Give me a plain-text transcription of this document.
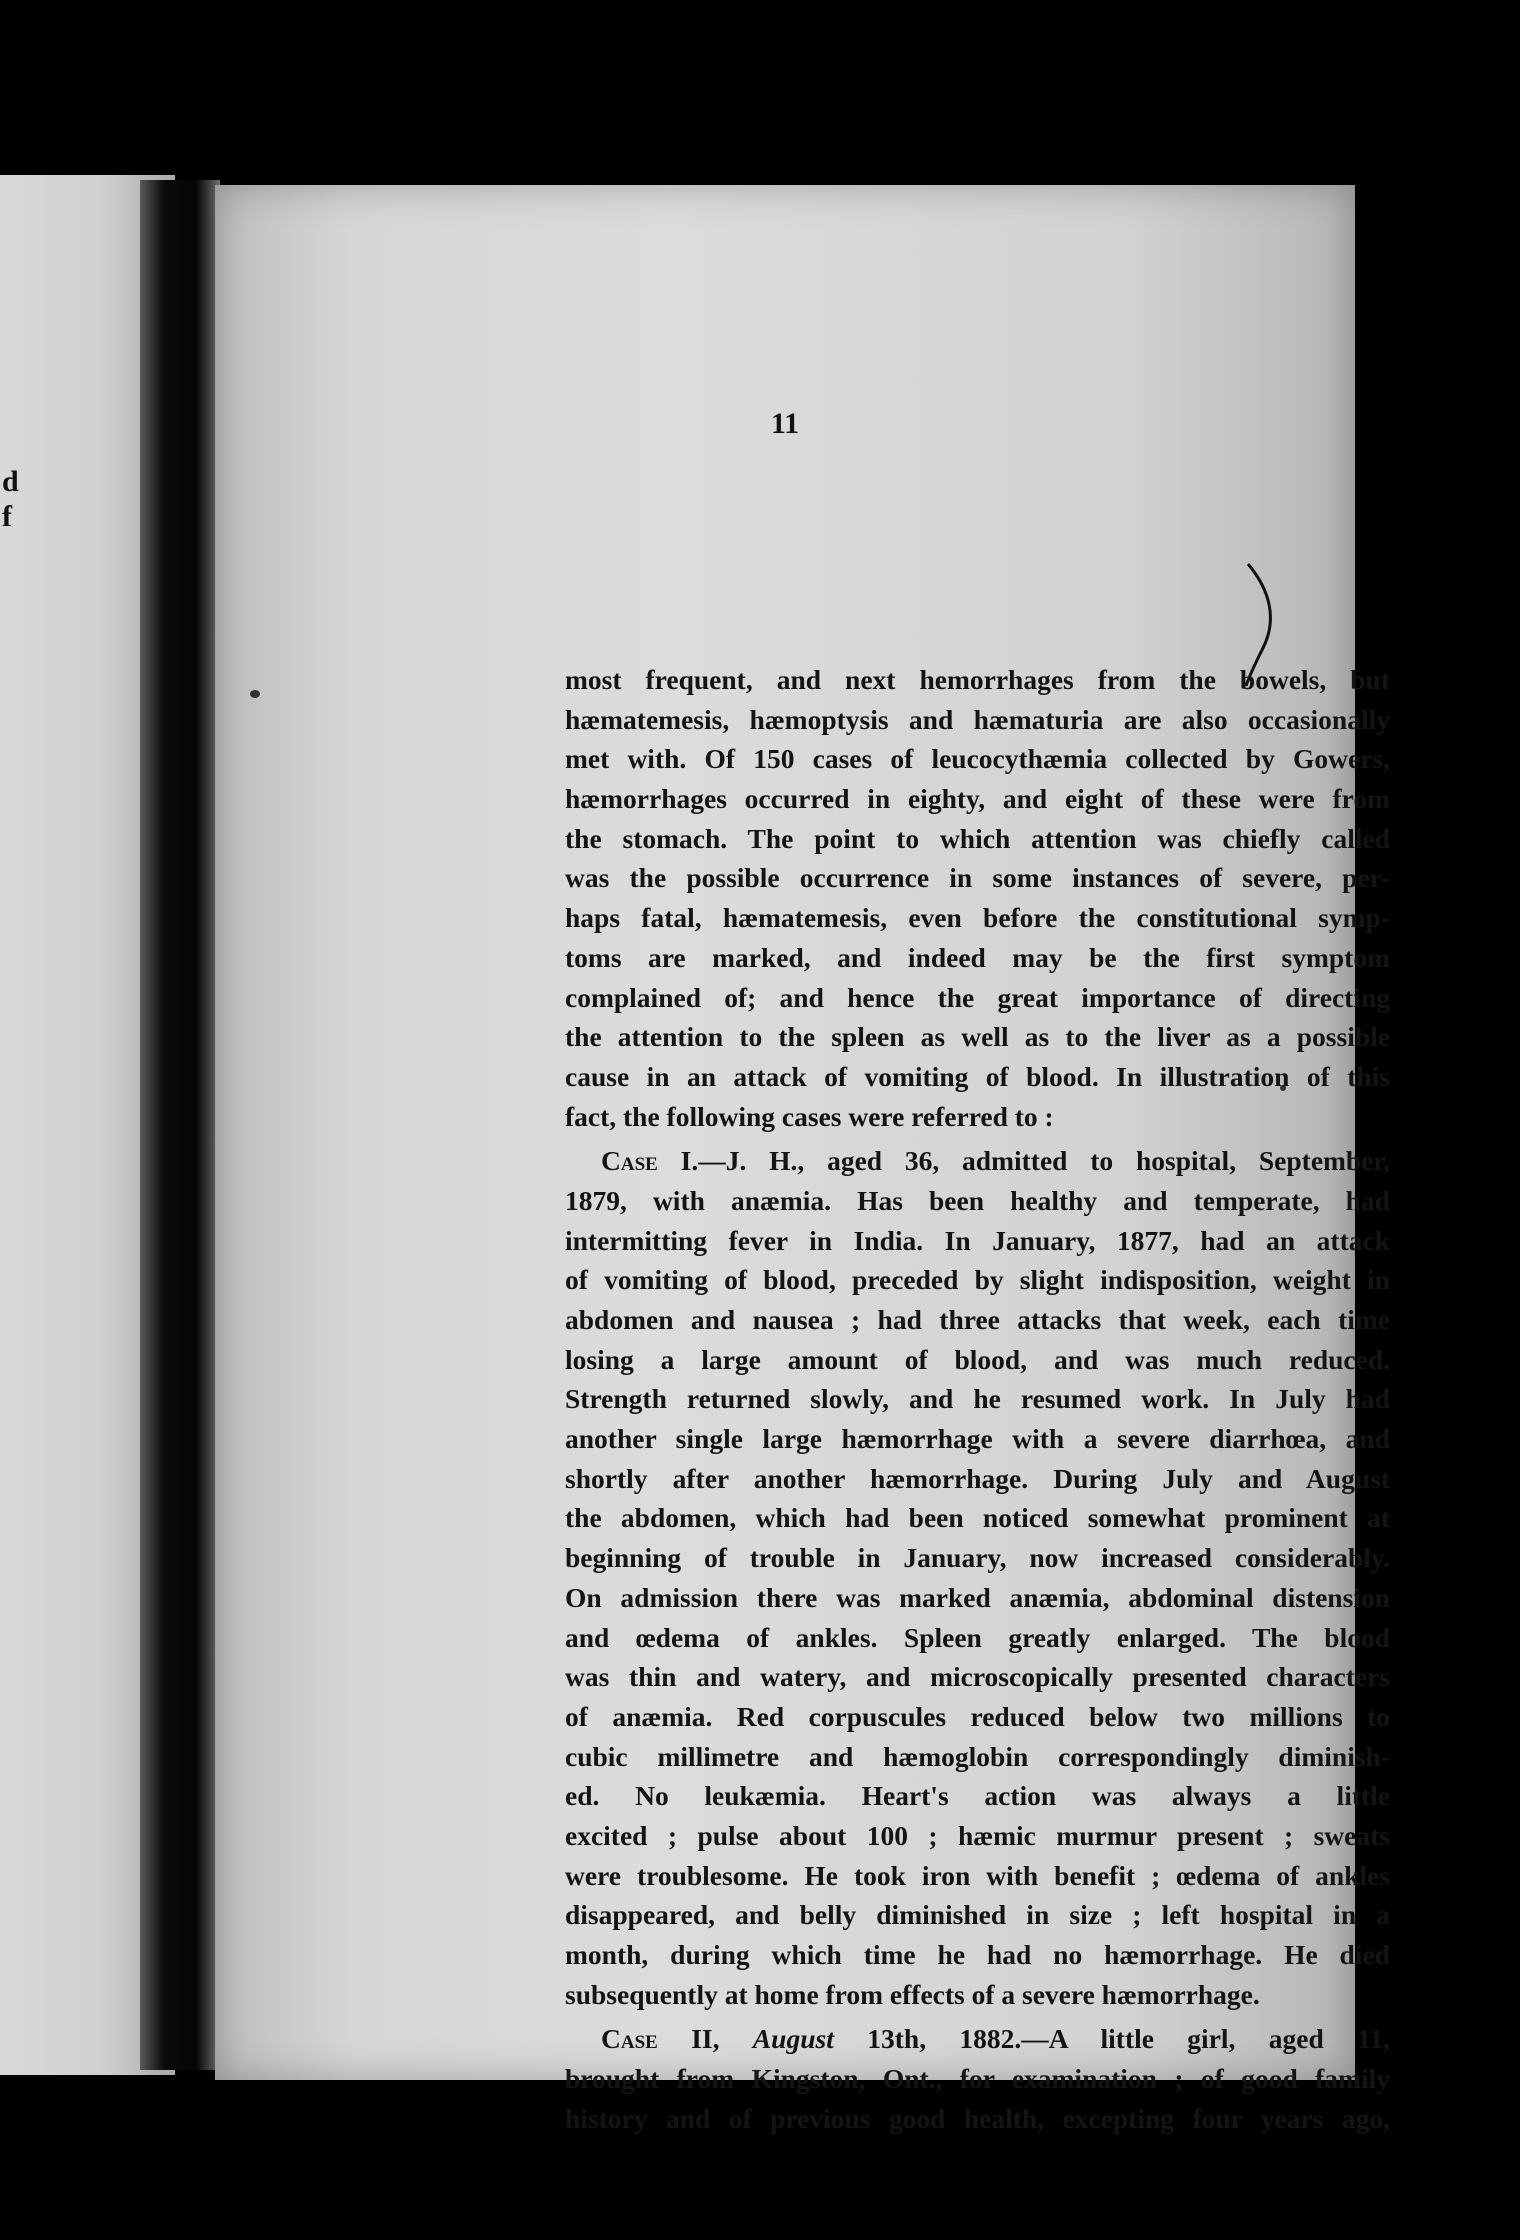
d
f
11
most frequent, and next hemorrhages from the bowels, but
hæmatemesis, hæmoptysis and hæmaturia are also occasionally
met with. Of 150 cases of leucocythæmia collected by Gowers,
hæmorrhages occurred in eighty, and eight of these were from
the stomach. The point to which attention was chiefly called
was the possible occurrence in some instances of severe, per-
haps fatal, hæmatemesis, even before the constitutional symp-
toms are marked, and indeed may be the first symptom
complained of; and hence the great importance of directing
the attention to the spleen as well as to the liver as a possible
cause in an attack of vomiting of blood. In illustration of this
fact, the following cases were referred to :
Case I.—J. H., aged 36, admitted to hospital, September,
1879, with anæmia. Has been healthy and temperate, had
intermitting fever in India. In January, 1877, had an attack
of vomiting of blood, preceded by slight indisposition, weight in
abdomen and nausea ; had three attacks that week, each time
losing a large amount of blood, and was much reduced.
Strength returned slowly, and he resumed work. In July had
another single large hæmorrhage with a severe diarrhœa, and
shortly after another hæmorrhage. During July and August
the abdomen, which had been noticed somewhat prominent at
beginning of trouble in January, now increased considerably.
On admission there was marked anæmia, abdominal distension
and œdema of ankles. Spleen greatly enlarged. The blood
was thin and watery, and microscopically presented characters
of anæmia. Red corpuscules reduced below two millions to
cubic millimetre and hæmoglobin correspondingly diminish-
ed. No leukæmia. Heart's action was always a little
excited ; pulse about 100 ; hæmic murmur present ; sweats
were troublesome. He took iron with benefit ; œdema of ankles
disappeared, and belly diminished in size ; left hospital in a
month, during which time he had no hæmorrhage. He died
subsequently at home from effects of a severe hæmorrhage.
Case II, August 13th, 1882.—A little girl, aged 11,
brought from Kingston, Ont., for examination ; of good family
history and of previous good health, excepting four years ago,
